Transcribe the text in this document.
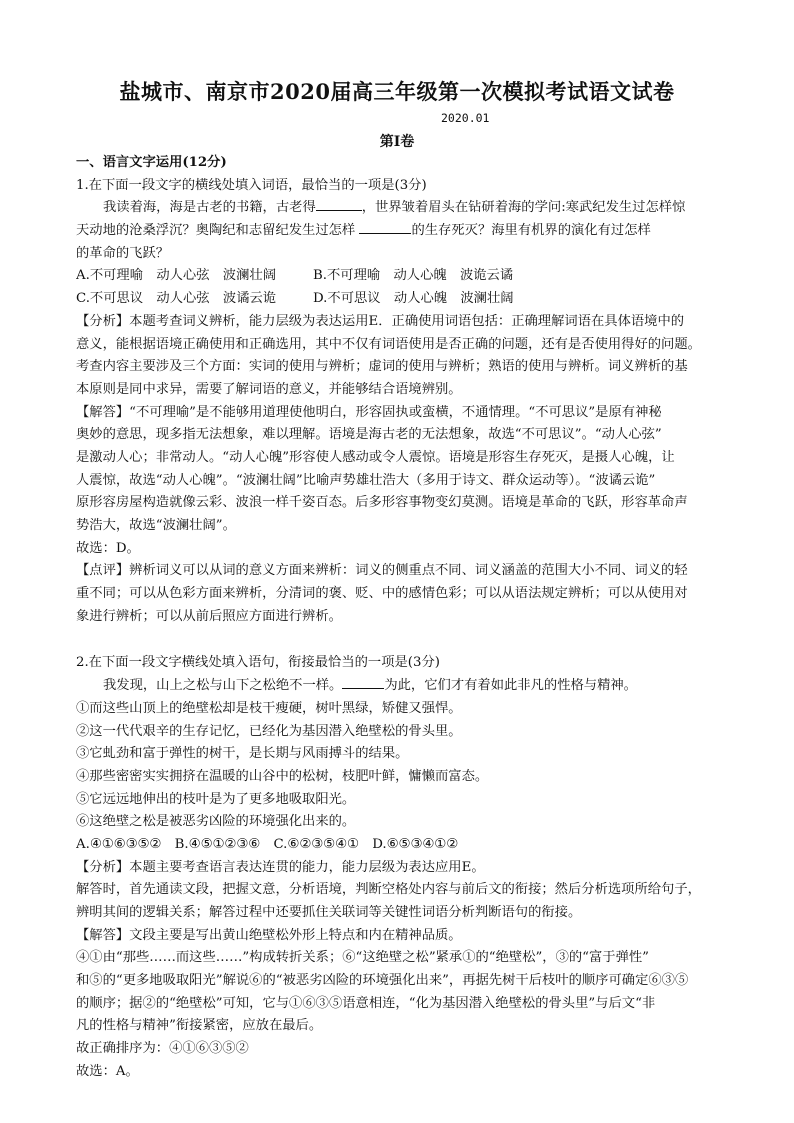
盐城市、南京市2020届高三年级第一次模拟考试语文试卷
2020.01
第Ⅰ卷
一、语言文字运用(12分)
1.在下面一段文字的横线处填入词语，最恰当的一项是(3分)
我读着海，海是古老的书籍，古老得	，世界皱着眉头在钻研着海的学问:寒武纪发生过怎样惊
天动地的沧桑浮沉？奥陶纪和志留纪发生过怎样	的生存死灭？海里有机界的演化有过怎样
的革命的飞跃？
A.不可理喻　动人心弦　波澜壮阔	B.不可理喻　动人心魄　波诡云谲
C.不可思议　动人心弦　波谲云诡	D.不可思议　动人心魄　波澜壮阔
【分析】本题考查词义辨析，能力层级为表达运用E．正确使用词语包括：正确理解词语在具体语境中的
意义，能根据语境正确使用和正确选用，其中不仅有词语使用是否正确的问题，还有是否使用得好的问题。
考查内容主要涉及三个方面：实词的使用与辨析；虚词的使用与辨析；熟语的使用与辨析。词义辨析的基
本原则是同中求异，需要了解词语的意义，并能够结合语境辨别。
【解答】“不可理喻”是不能够用道理使他明白，形容固执或蛮横，不通情理。“不可思议”是原有神秘
奥妙的意思，现多指无法想象，难以理解。语境是海古老的无法想象，故选“不可思议”。“动人心弦”
是激动人心；非常动人。“动人心魄”形容使人感动或令人震惊。语境是形容生存死灭，是摄人心魄，让
人震惊，故选“动人心魄”。“波澜壮阔”比喻声势雄壮浩大（多用于诗文、群众运动等）。“波谲云诡”
原形容房屋构造就像云彩、波浪一样千姿百态。后多形容事物变幻莫测。语境是革命的飞跃，形容革命声
势浩大，故选“波澜壮阔”。
故选：D。
【点评】辨析词义可以从词的意义方面来辨析：词义的侧重点不同、词义涵盖的范围大小不同、词义的轻
重不同；可以从色彩方面来辨析，分清词的褒、贬、中的感情色彩；可以从语法规定辨析；可以从使用对
象进行辨析；可以从前后照应方面进行辨析。
2.在下面一段文字横线处填入语句，衔接最恰当的一项是(3分)
我发现，山上之松与山下之松绝不一样。	为此，它们才有着如此非凡的性格与精神。
①而这些山顶上的绝壁松却是枝干瘦硬，树叶黑绿，矫健又强悍。
②这一代代艰辛的生存记忆，已经化为基因潜入绝壁松的骨头里。
③它虬劲和富于弹性的树干，是长期与风雨搏斗的结果。
④那些密密实实拥挤在温暖的山谷中的松树，枝肥叶鲜，慵懒而富态。
⑤它远远地伸出的枝叶是为了更多地吸取阳光。
⑥这绝壁之松是被恶劣凶险的环境强化出来的。
A.④①⑥③⑤②　B.④⑤①②③⑥　C.⑥②③⑤④①　D.⑥⑤③④①②
【分析】本题主要考查语言表达连贯的能力，能力层级为表达应用E。
解答时，首先通读文段，把握文意，分析语境，判断空格处内容与前后文的衔接；然后分析选项所给句子，
辨明其间的逻辑关系；解答过程中还要抓住关联词等关键性词语分析判断语句的衔接。
【解答】文段主要是写出黄山绝壁松外形上特点和内在精神品质。
④①由“那些……而这些……”构成转折关系；⑥“这绝壁之松”紧承①的“绝壁松”，③的“富于弹性”
和⑤的“更多地吸取阳光”解说⑥的“被恶劣凶险的环境强化出来”，再据先树干后枝叶的顺序可确定⑥③⑤
的顺序；据②的“绝壁松”可知，它与①⑥③⑤语意相连，“化为基因潜入绝壁松的骨头里”与后文“非
凡的性格与精神”衔接紧密，应放在最后。
故正确排序为：④①⑥③⑤②
故选：A。
